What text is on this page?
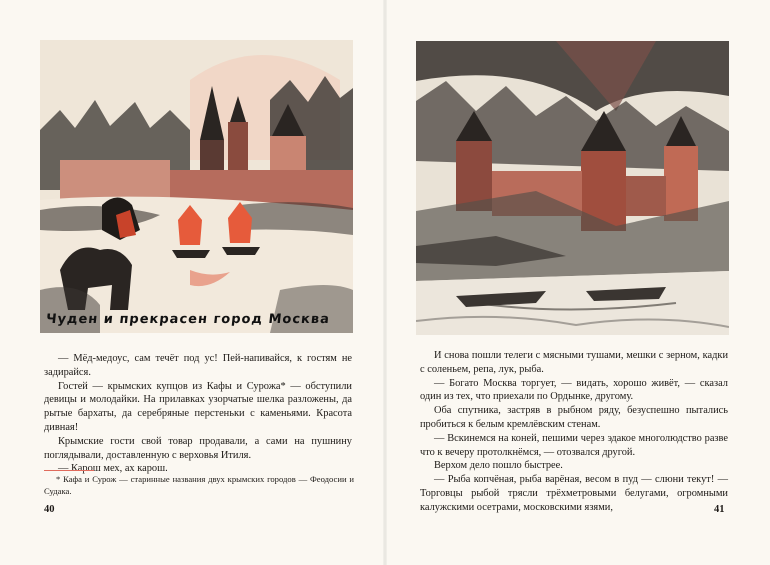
Чуден и прекрасен город Москва

— Мёд-медоус, сам течёт под ус! Пей-напивайся, к гостям не задирайся.

Гостей — крымских купцов из Кафы и Сурожа* — обступили девицы и молодайки. На прилавках узорчатые шелка разложены, да рытые бархаты, да серебряные перстеньки с каменьями. Красота дивная!

Крымские гости свой товар продавали, а сами на пушнину поглядывали, доставленную с верховья Итиля.

— Карош мех, ах карош.

* Кафа и Сурож — старинные названия двух крымских городов — Феодосии и Судака.
40

И снова пошли телеги с мясными тушами, мешки с зерном, кадки с соленьем, репа, лук, рыба.

— Богато Москва торгует, — видать, хорошо живёт, — сказал один из тех, что приехали по Ордынке, другому.

Оба спутника, застряв в рыбном ряду, безуспешно пытались пробиться к белым кремлёвским стенам.

— Вскинемся на коней, пешими через эдакое многолюдство разве что к вечеру протолкнёмся, — отозвался другой.

Верхом дело пошло быстрее.

— Рыба копчёная, рыба варёная, весом в пуд — слюни текут! — Торговцы рыбой трясли трёхметровыми белугами, огромными калужскими осетрами, московскими язями,	41
